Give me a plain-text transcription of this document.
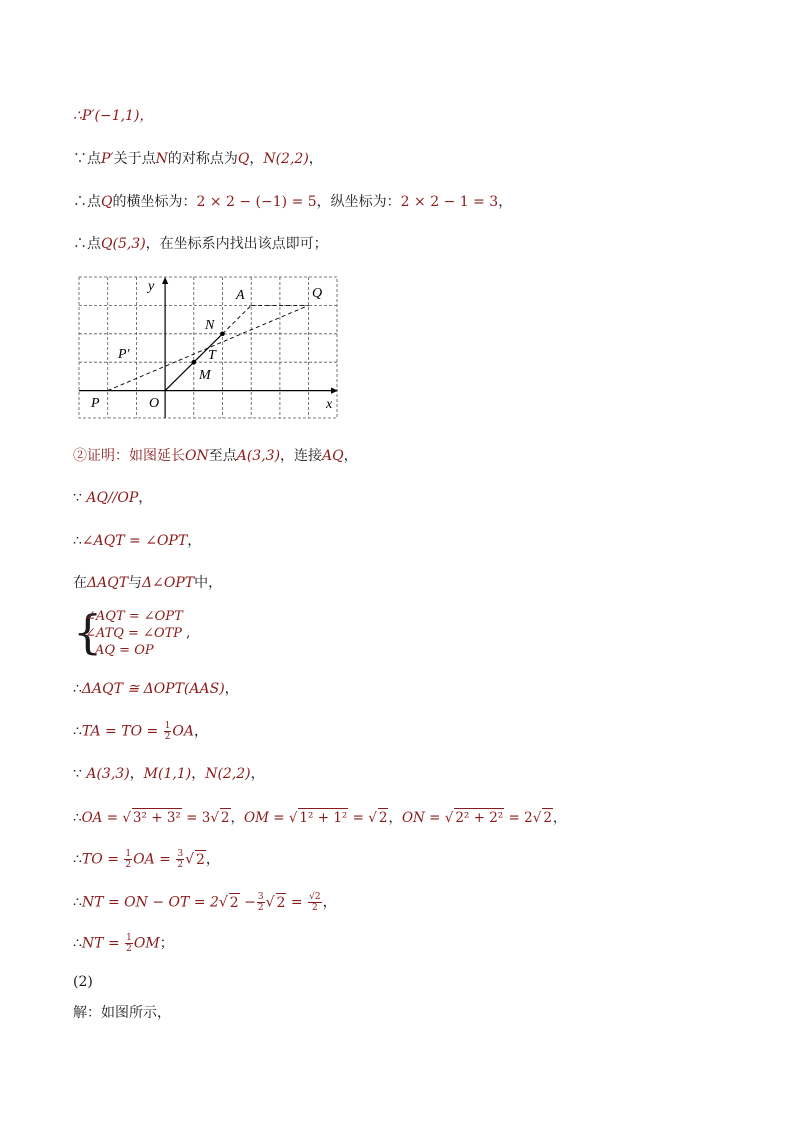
∴P′(−1,1)，
∵点P′关于点N的对称点为Q，N(2,2)，
∴点Q的横坐标为：2 × 2 − (−1) = 5，纵坐标为：2 × 2 − 1 = 3，
∴点Q(5,3)，在坐标系内找出该点即可；
y
x
O
P
P′
A	Q
N
T
M
②证明：如图延长ON至点A(3,3)，连接AQ，
∵ AQ//OP，
∴∠AQT = ∠OPT，
在ΔAQT与Δ∠OPT中，
{
∠AQT = ∠OPT
∠ATQ = ∠OTP ,
AQ = OP
∴ΔAQT ≅ ΔOPT(AAS)，
∴TA = TO = $\frac{1}{2}$ OA，
∵ A(3,3)，M(1,1)，N(2,2)，
∴OA = √ 3² + 3² = 3√ 2，OM = √ 1² + 1² = √ 2，ON = √ 2² + 2² = 2√ 2，
∴TO = $\frac{1}{2}$ OA = $\frac{3}{2}$ √ 2，
∴NT = ON − OT = 2√ $2 - \frac{3}{2}$ √ $2 = \frac{√2}{2}$ ，
∴NT = $\frac{1}{2}$ OM；
(2)
解：如图所示，
